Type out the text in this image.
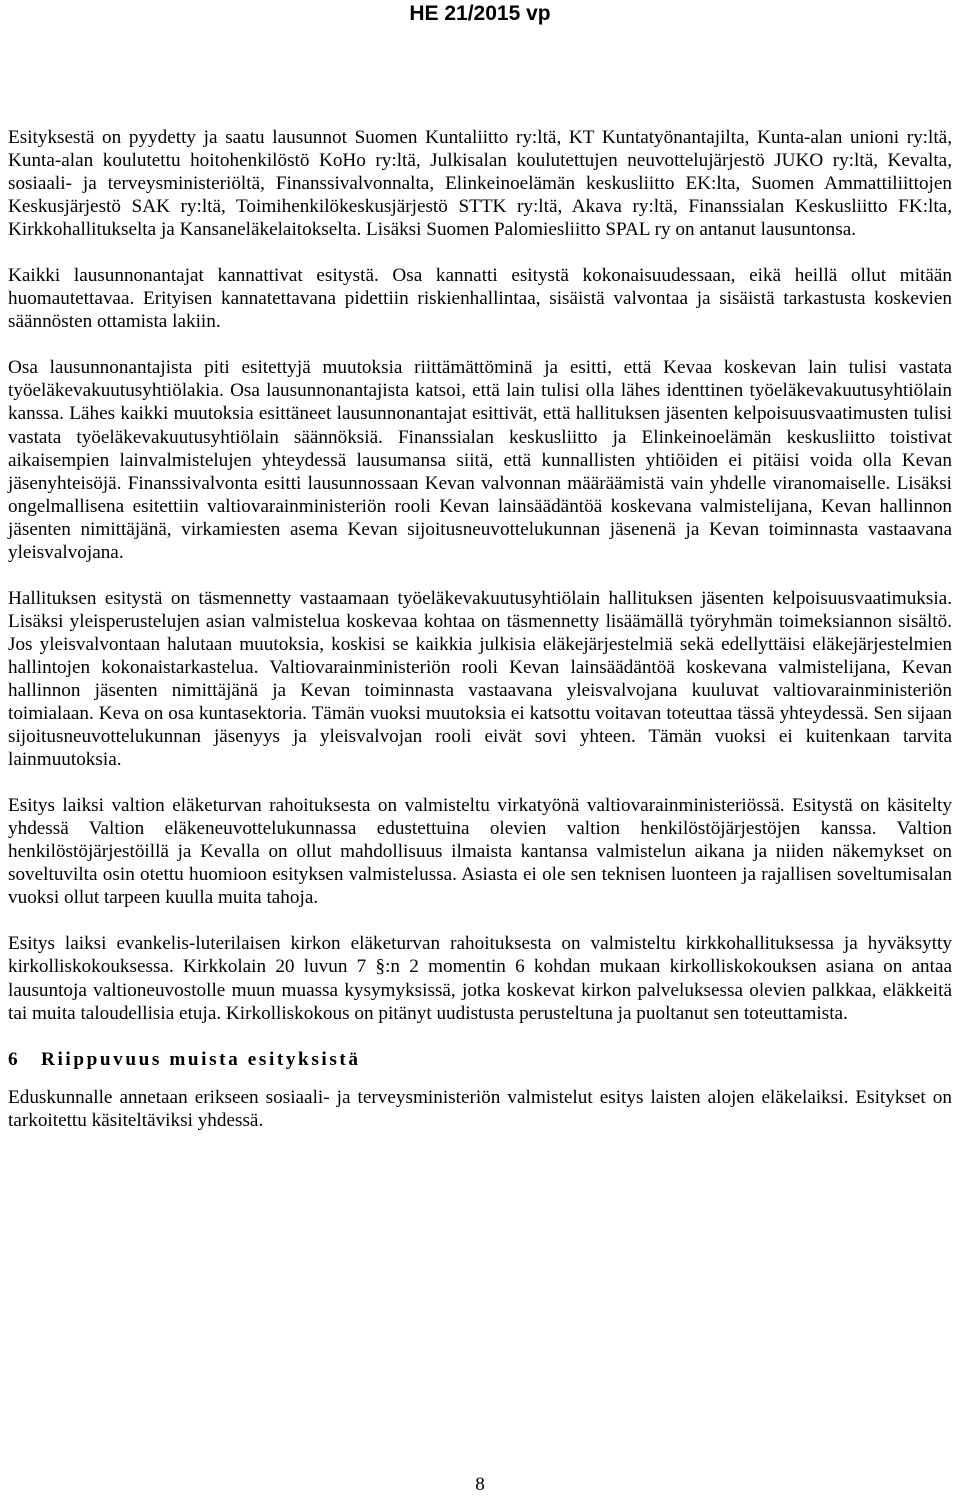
HE 21/2015 vp

Esityksestä on pyydetty ja saatu lausunnot Suomen Kuntaliitto ry:ltä, KT Kuntatyönantajilta, Kunta-alan unioni ry:ltä, Kunta-alan koulutettu hoitohenkilöstö KoHo ry:ltä, Julkisalan koulutettujen neuvottelujärjestö JUKO ry:ltä, Kevalta, sosiaali- ja terveysministeriöltä, Finanssivalvonnalta, Elinkeinoelämän keskusliitto EK:lta, Suomen Ammattiliittojen Keskusjärjestö SAK ry:ltä, Toimihenkilökeskusjärjestö STTK ry:ltä, Akava ry:ltä, Finanssialan Keskusliitto FK:lta, Kirkkohallitukselta ja Kansaneläkelaitokselta. Lisäksi Suomen Palomiesliitto SPAL ry on antanut lausuntonsa.

Kaikki lausunnonantajat kannattivat esitystä. Osa kannatti esitystä kokonaisuudessaan, eikä heillä ollut mitään huomautettavaa. Erityisen kannatettavana pidettiin riskienhallintaa, sisäistä valvontaa ja sisäistä tarkastusta koskevien säännösten ottamista lakiin.

Osa lausunnonantajista piti esitettyjä muutoksia riittämättöminä ja esitti, että Kevaa koskevan lain tulisi vastata työeläkevakuutusyhtiölakia. Osa lausunnonantajista katsoi, että lain tulisi olla lähes identtinen työeläkevakuutusyhtiölain kanssa. Lähes kaikki muutoksia esittäneet lausunnonantajat esittivät, että hallituksen jäsenten kelpoisuusvaatimusten tulisi vastata työeläkevakuutusyhtiölain säännöksiä. Finanssialan keskusliitto ja Elinkeinoelämän keskusliitto toistivat aikaisempien lainvalmistelujen yhteydessä lausumansa siitä, että kunnallisten yhtiöiden ei pitäisi voida olla Kevan jäsenyhteisöjä. Finanssivalvonta esitti lausunnossaan Kevan valvonnan määräämistä vain yhdelle viranomaiselle. Lisäksi ongelmallisena esitettiin valtiovarainministeriön rooli Kevan lainsäädäntöä koskevana valmistelijana, Kevan hallinnon jäsenten nimittäjänä, virkamiesten asema Kevan sijoitusneuvottelukunnan jäsenenä ja Kevan toiminnasta vastaavana yleisvalvojana.

Hallituksen esitystä on täsmennetty vastaamaan työeläkevakuutusyhtiölain hallituksen jäsenten kelpoisuusvaatimuksia. Lisäksi yleisperustelujen asian valmistelua koskevaa kohtaa on täsmennetty lisäämällä työryhmän toimeksiannon sisältö. Jos yleisvalvontaan halutaan muutoksia, koskisi se kaikkia julkisia eläkejärjestelmiä sekä edellyttäisi eläkejärjestelmien hallintojen kokonaistarkastelua. Valtiovarainministeriön rooli Kevan lainsäädäntöä koskevana valmistelijana, Kevan hallinnon jäsenten nimittäjänä ja Kevan toiminnasta vastaavana yleisvalvojana kuuluvat valtiovarainministeriön toimialaan. Keva on osa kuntasektoria. Tämän vuoksi muutoksia ei katsottu voitavan toteuttaa tässä yhteydessä. Sen sijaan sijoitusneuvottelukunnan jäsenyys ja yleisvalvojan rooli eivät sovi yhteen. Tämän vuoksi ei kuitenkaan tarvita lainmuutoksia.

Esitys laiksi valtion eläketurvan rahoituksesta on valmisteltu virkatyönä valtiovarainministeriössä. Esitystä on käsitelty yhdessä Valtion eläkeneuvottelukunnassa edustettuina olevien valtion henkilöstöjärjestöjen kanssa. Valtion henkilöstöjärjestöillä ja Kevalla on ollut mahdollisuus ilmaista kantansa valmistelun aikana ja niiden näkemykset on soveltuvilta osin otettu huomioon esityksen valmistelussa. Asiasta ei ole sen teknisen luonteen ja rajallisen soveltumisalan vuoksi ollut tarpeen kuulla muita tahoja.

Esitys laiksi evankelis-luterilaisen kirkon eläketurvan rahoituksesta on valmisteltu kirkkohallituksessa ja hyväksytty kirkolliskokouksessa. Kirkkolain 20 luvun 7 §:n 2 momentin 6 kohdan mukaan kirkolliskokouksen asiana on antaa lausuntoja valtioneuvostolle muun muassa kysymyksissä, jotka koskevat kirkon palveluksessa olevien palkkaa, eläkkeitä tai muita taloudellisia etuja. Kirkolliskokous on pitänyt uudistusta perusteltuna ja puoltanut sen toteuttamista.

6	Riippuvuus muista esityksistä

Eduskunnalle annetaan erikseen sosiaali- ja terveysministeriön valmistelut esitys laisten alojen eläkelaiksi. Esitykset on tarkoitettu käsiteltäviksi yhdessä.

8
